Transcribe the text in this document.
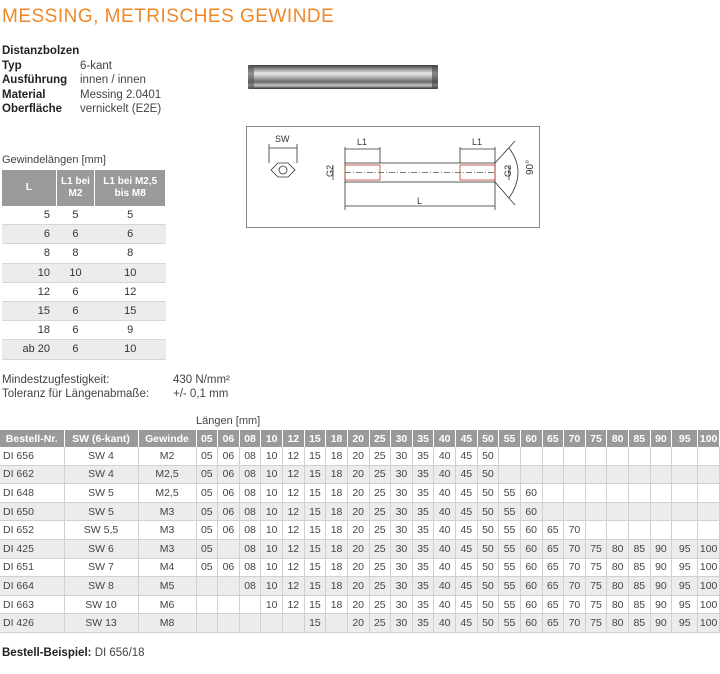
MESSING, METRISCHES GEWINDE
Distanzbolzen
Typ	6-kant
Ausführung innen / innen
Material	Messing 2.0401
Oberfläche vernickelt (E2E)
SW	L1	L1
G2	G2
L
90°
Gewindelängen [mm]
L	L1 bei M2	L1 bei M2,5 bis M8
5	5	5
6	6	6
8	8	8
10	10	10
12	6	12
15	6	15
18	6	9
ab 20	6	10
Mindestzugfestigkeit:	430 N/mm²
Toleranz für Längenabmaße: +/- 0,1 mm
Längen [mm]
Bestell-Nr.	SW (6-kant)	Gewinde	05	06	08	10	12	15	18	20	25	30	35	40	45	50	55	60	65	70	75	80	85	90	95	100
DI 656	SW 4	M2	05	06	08	10	12	15	18	20	25	30	35	40	45	50										
DI 662	SW 4	M2,5	05	06	08	10	12	15	18	20	25	30	35	40	45	50										
DI 648	SW 5	M2,5	05	06	08	10	12	15	18	20	25	30	35	40	45	50	55	60								
DI 650	SW 5	M3	05	06	08	10	12	15	18	20	25	30	35	40	45	50	55	60								
DI 652	SW 5,5	M3	05	06	08	10	12	15	18	20	25	30	35	40	45	50	55	60	65	70						
DI 425	SW 6	M3	05		08	10	12	15	18	20	25	30	35	40	45	50	55	60	65	70	75	80	85	90	95	100
DI 651	SW 7	M4	05	06	08	10	12	15	18	20	25	30	35	40	45	50	55	60	65	70	75	80	85	90	95	100
DI 664	SW 8	M5			08	10	12	15	18	20	25	30	35	40	45	50	55	60	65	70	75	80	85	90	95	100
DI 663	SW 10	M6				10	12	15	18	20	25	30	35	40	45	50	55	60	65	70	75	80	85	90	95	100
DI 426	SW 13	M8						15		20	25	30	35	40	45	50	55	60	65	70	75	80	85	90	95	100
Bestell-Beispiel: DI 656/18
